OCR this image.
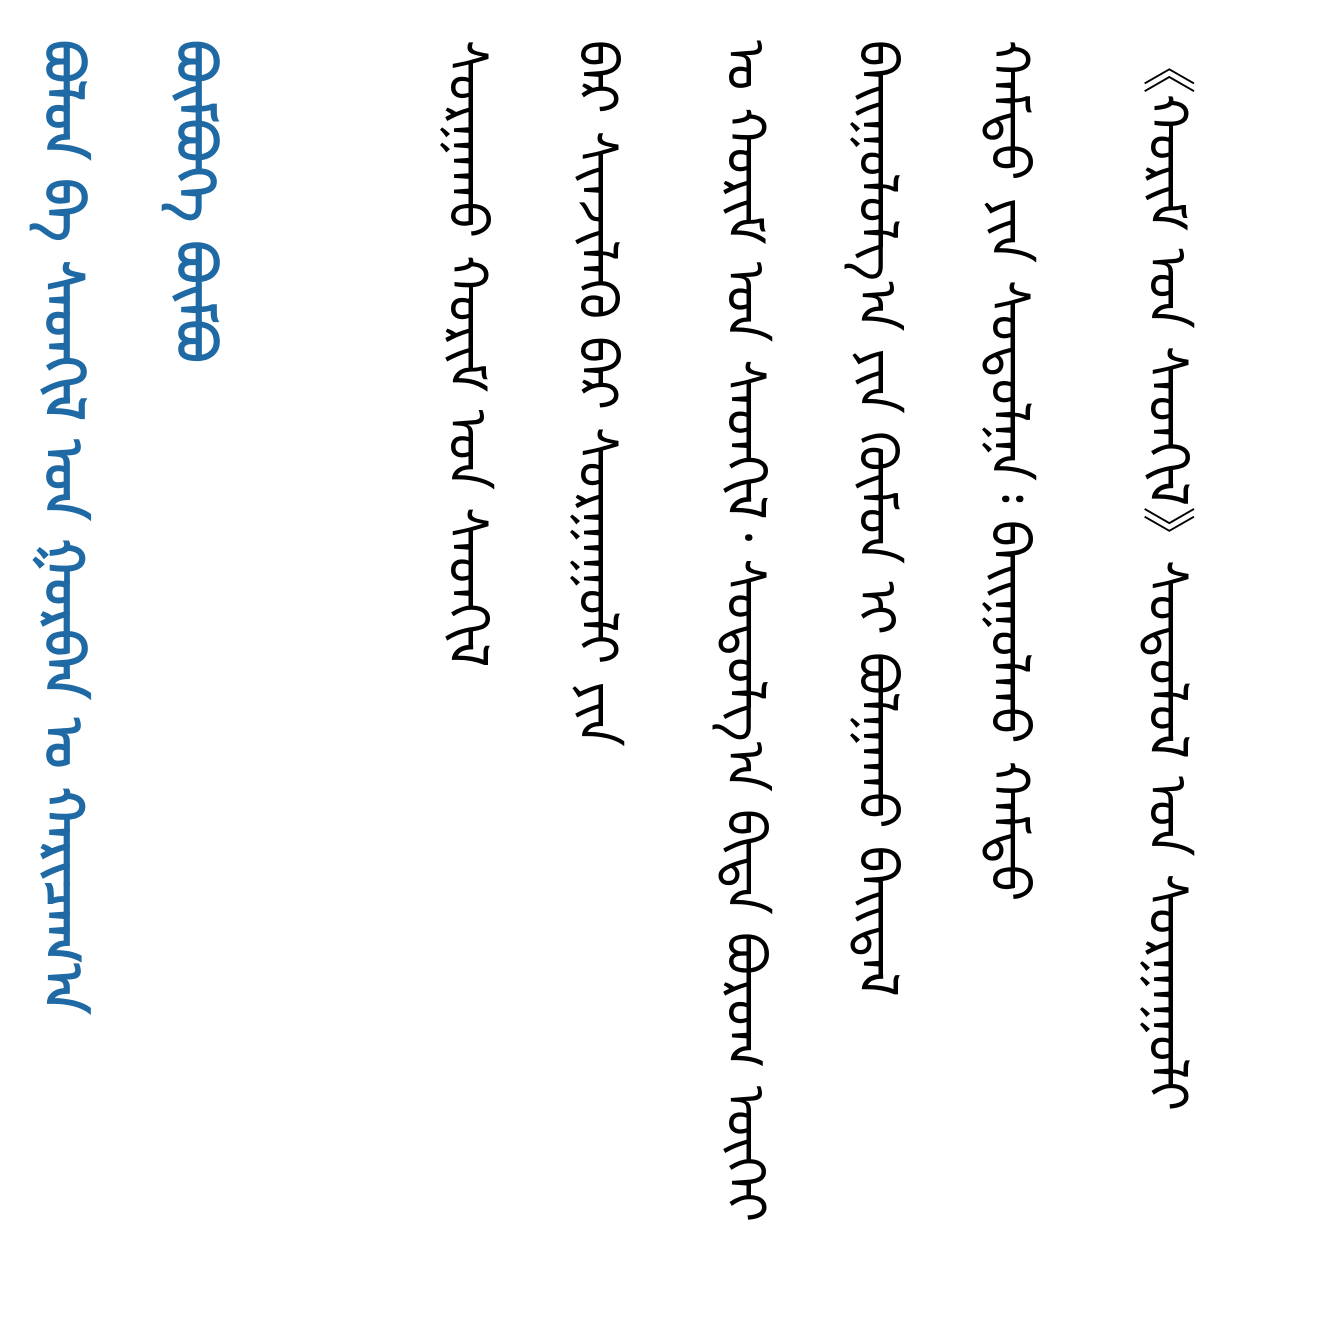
ᠪᠣᠯᠣᠨ ᠪᠡ ᠰᠡᠳᠬᠢᠯ ᠤᠨ ᠭᠤᠷᠪᠠᠨ ᠤ ᠬᠠᠷᠢᠴᠠᠭ᠎ᠠ ᠪᠥᠮᠪᠥᠭᠡ ᠪᠥᠮᠪᠥ	《ᠬᠤᠷᠢᠮ ᠤᠨ ᠰᠡᠳᠬᠢᠯ》ᠰᠤᠳᠤᠯᠤᠯ ᠤᠨ ᠰᠤᠷᠭᠠᠭᠤᠯᠢ
ᠬᠠᠮᠲᠤ ᠶᠢᠨ ᠰᠤᠳᠤᠯᠭᠠ᠄ ᠪᠠᠢᠭᠤᠯᠬᠤ ᠬᠠᠮᠲᠤ
ᠪᠠᠢᠭᠤᠯᠤᠯᠭ᠎ᠠ ᠶᠢᠨ ᠬᠥᠮᠦᠨ ᠢ ᠪᠤᠯᠭᠠᠬᠤ ᠪᠠᠢᠳᠠᠯ
ᠤ ᠬᠤᠷᠢᠮ ᠤᠨ ᠰᠡᠳᠬᠢᠯ᠂ ᠰᠤᠳᠤᠯᠭ᠎ᠠ ᠪᠢᠳᠡ ᠪᠤᠷᠤᠭ ᠦᠬᠡᠢ
ᠪᠠᠷ ᠰᠢᠨᠵᠢᠯᠡᠬᠦ ᠪᠡᠷ ᠰᠤᠷᠭᠠᠭᠤᠯᠢ ᠶᠢᠨ
ᠰᠤᠷᠭᠠᠬᠤ ᠬᠤᠷᠢᠮ ᠤᠨ ᠰᠡᠳᠬᠢᠯ
